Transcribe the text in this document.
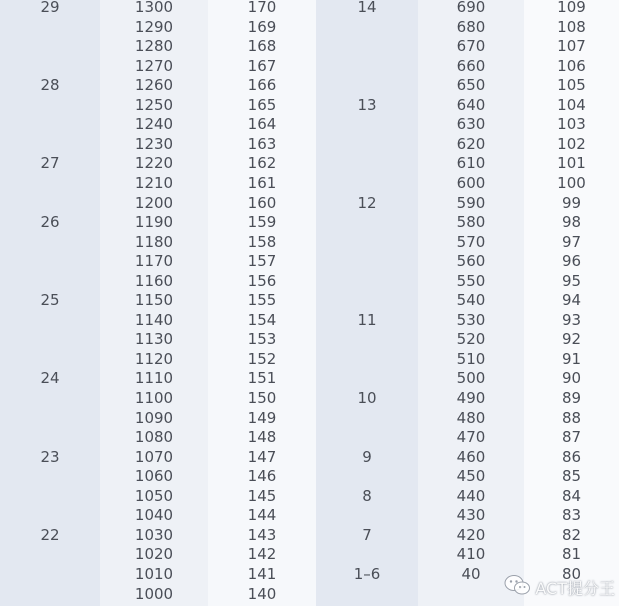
29
28
27
26
25
24
23
22
1300
1290
1280
1270
1260
1250
1240
1230
1220
1210
1200
1190
1180
1170
1160
1150
1140
1130
1120
1110
1100
1090
1080
1070
1060
1050
1040
1030
1020
1010
1000
170
169
168
167
166
165
164
163
162
161
160
159
158
157
156
155
154
153
152
151
150
149
148
147
146
145
144
143
142
141
140
14
13
12
11
10
9
8
7
1–6
690
680
670
660
650
640
630
620
610
600
590
580
570
560
550
540
530
520
510
500
490
480
470
460
450
440
430
420
410
40
109
108
107
106
105
104
103
102
101
100
99
98
97
96
95
94
93
92
91
90
89
88
87
86
85
84
83
82
81
80
ACT提分王
